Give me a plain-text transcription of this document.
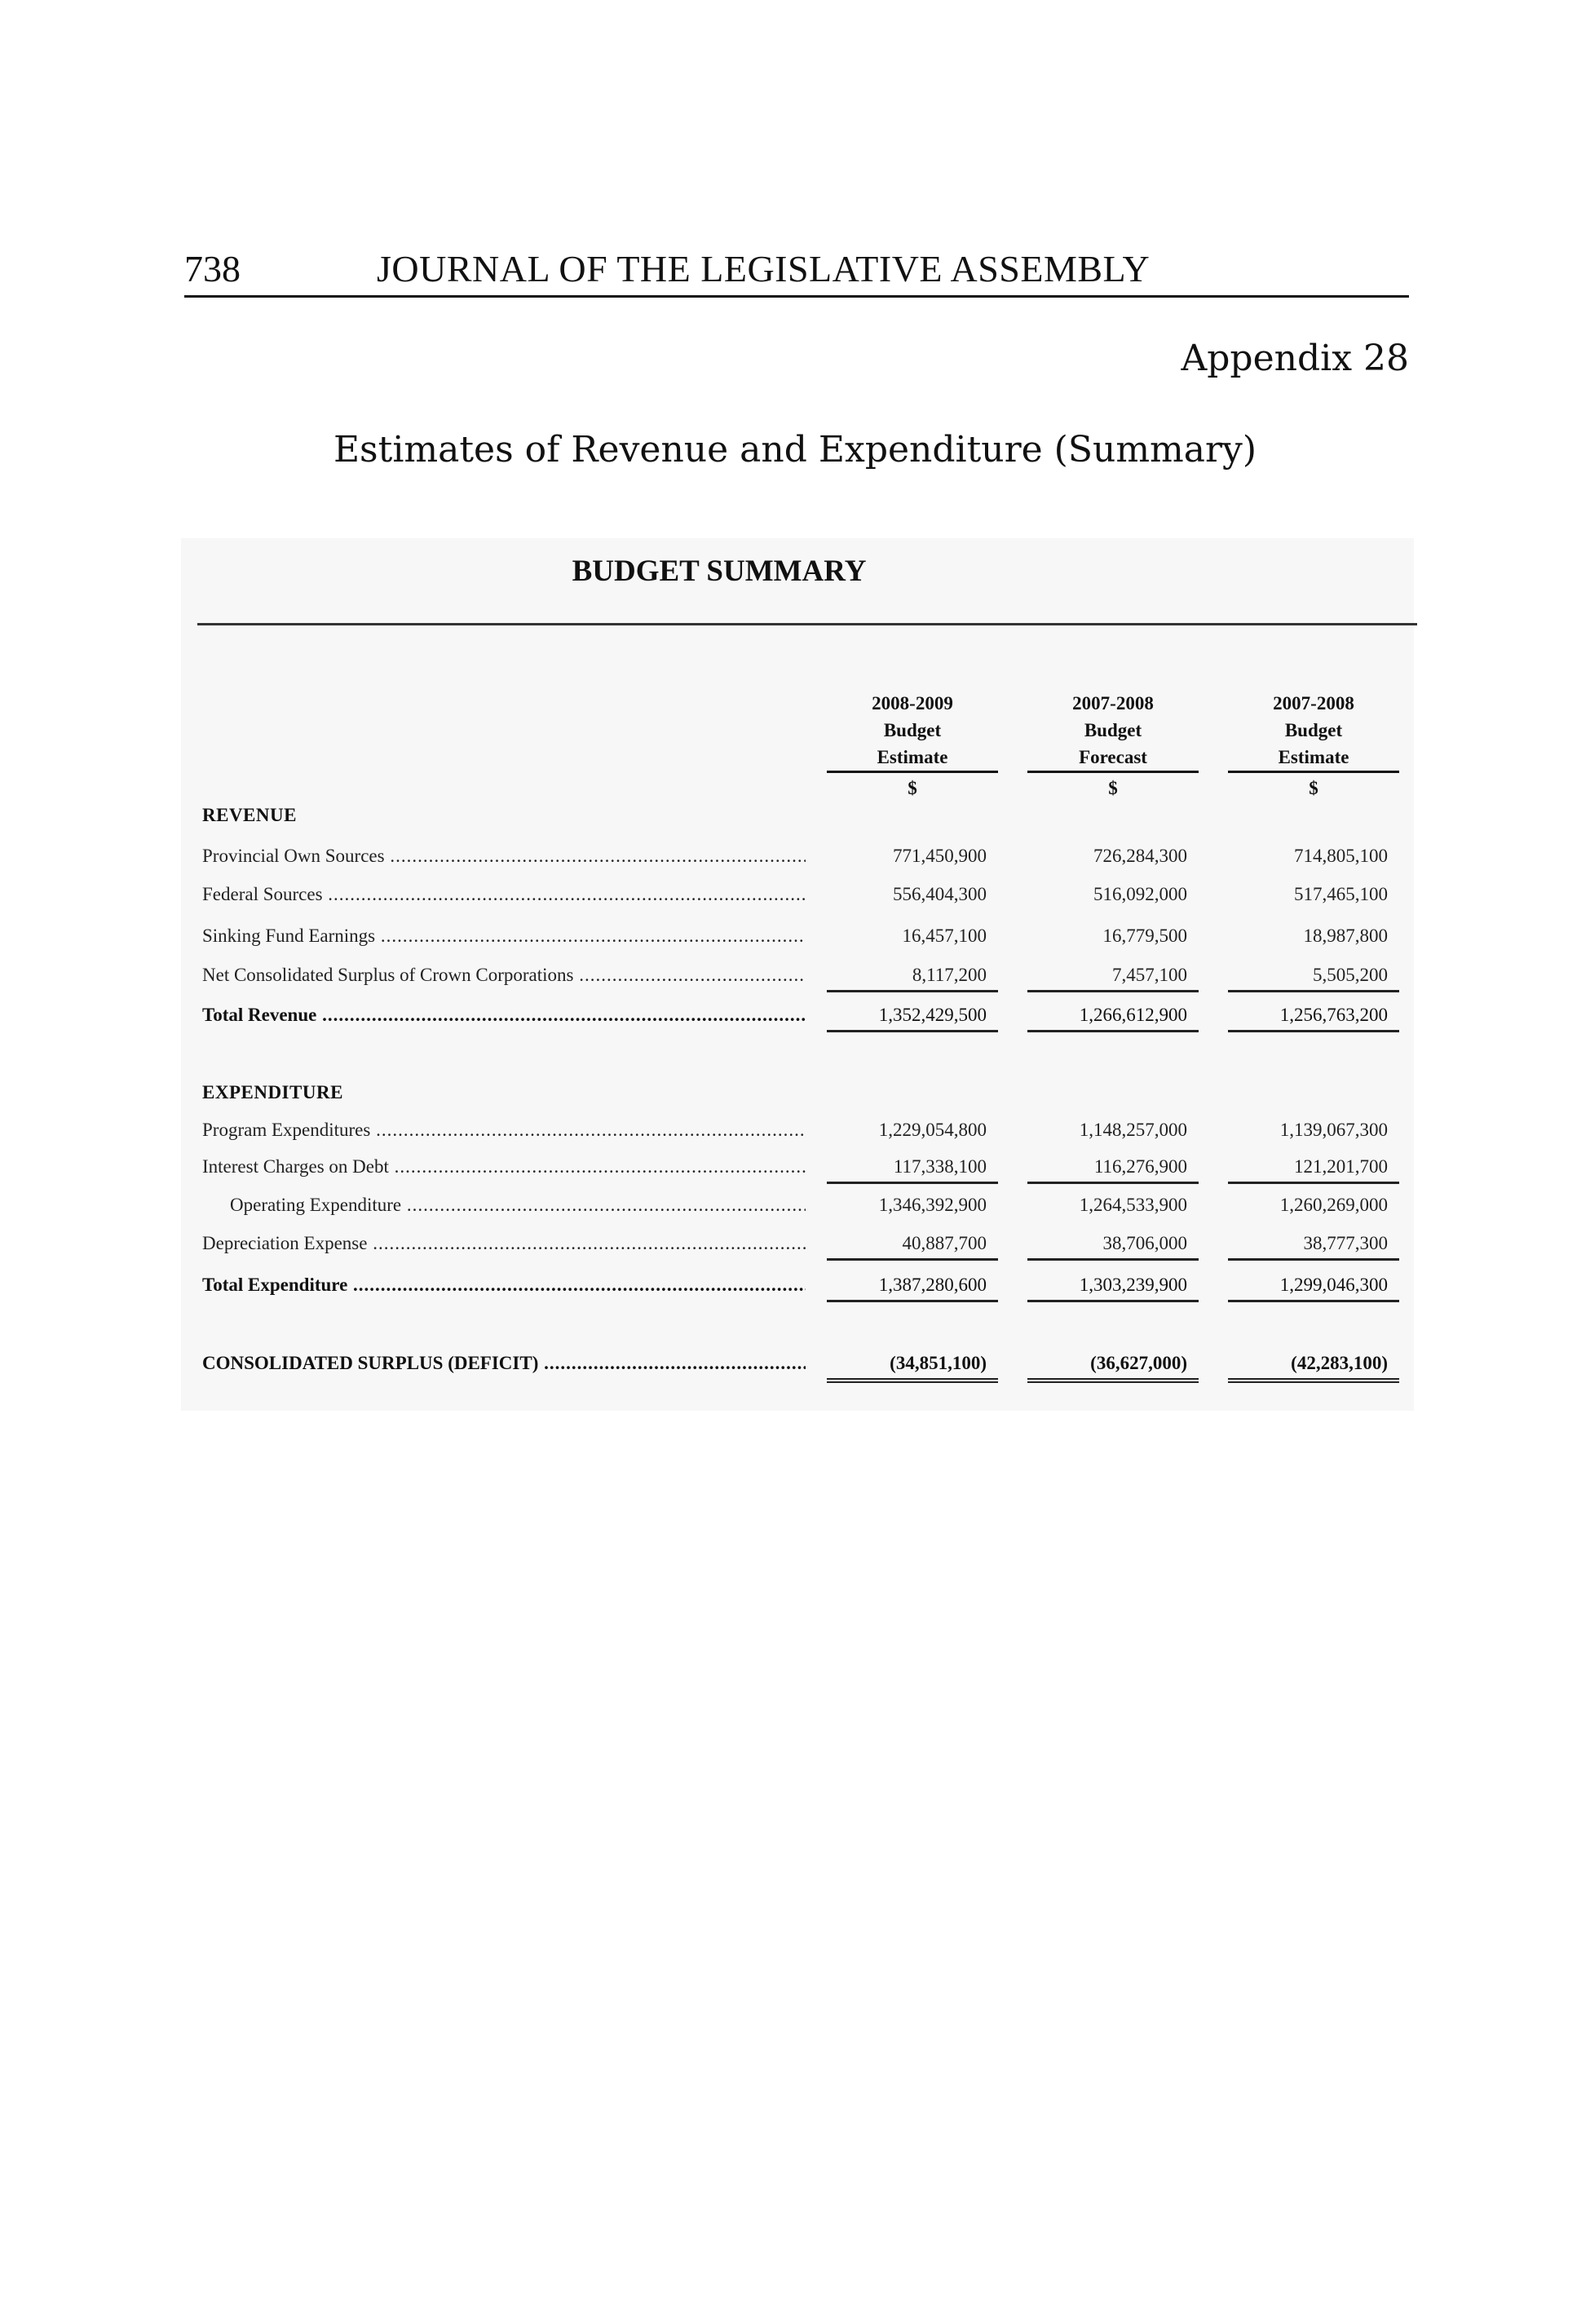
738	JOURNAL OF THE LEGISLATIVE ASSEMBLY
Appendix 28
Estimates of Revenue and Expenditure (Summary)
BUDGET SUMMARY
2008-2009
Budget
Estimate
$
2007-2008
Budget
Forecast
$
2007-2008
Budget
Estimate
$
REVENUE
Provincial Own Sources .....	771,450,900	726,284,300	714,805,100
Federal Sources .....	556,404,300	516,092,000	517,465,100
Sinking Fund Earnings .....	16,457,100	16,779,500	18,987,800
Net Consolidated Surplus of Crown Corporations .....	8,117,200	7,457,100	5,505,200
Total Revenue .....	1,352,429,500	1,266,612,900	1,256,763,200
EXPENDITURE
Program Expenditures .....	1,229,054,800	1,148,257,000	1,139,067,300
Interest Charges on Debt .....	117,338,100	116,276,900	121,201,700
Operating Expenditure .....	1,346,392,900	1,264,533,900	1,260,269,000
Depreciation Expense .....	40,887,700	38,706,000	38,777,300
Total Expenditure .....	1,387,280,600	1,303,239,900	1,299,046,300
CONSOLIDATED SURPLUS (DEFICIT) .....	(34,851,100)	(36,627,000)	(42,283,100)
